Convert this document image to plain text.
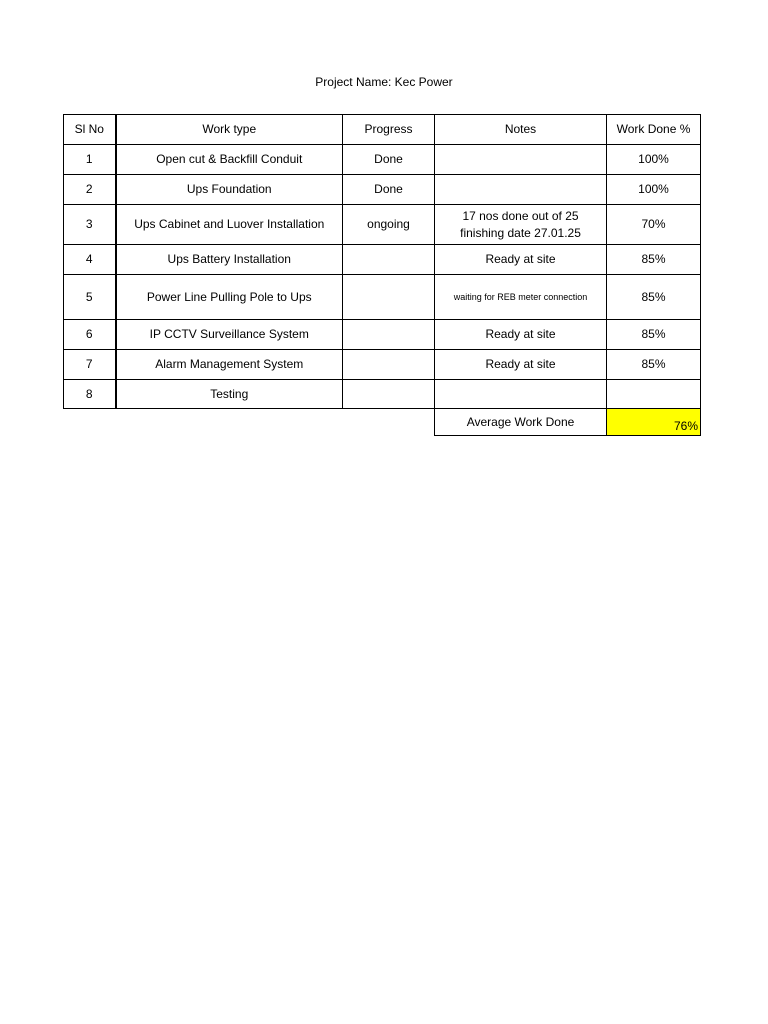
Project Name: Kec Power
Sl No	Work type	Progress	Notes	Work Done %
1	Open cut & Backfill Conduit	Done		100%
2	Ups Foundation	Done		100%
3	Ups Cabinet and Luover Installation	ongoing	17 nos done out of 25 finishing date 27.01.25	70%
4	Ups Battery Installation		Ready at site	85%
5	Power Line Pulling Pole to Ups		waiting for REB meter connection	85%
6	IP CCTV Surveillance System		Ready at site	85%
7	Alarm Management System		Ready at site	85%
8	Testing			
			Average Work Done	76%
